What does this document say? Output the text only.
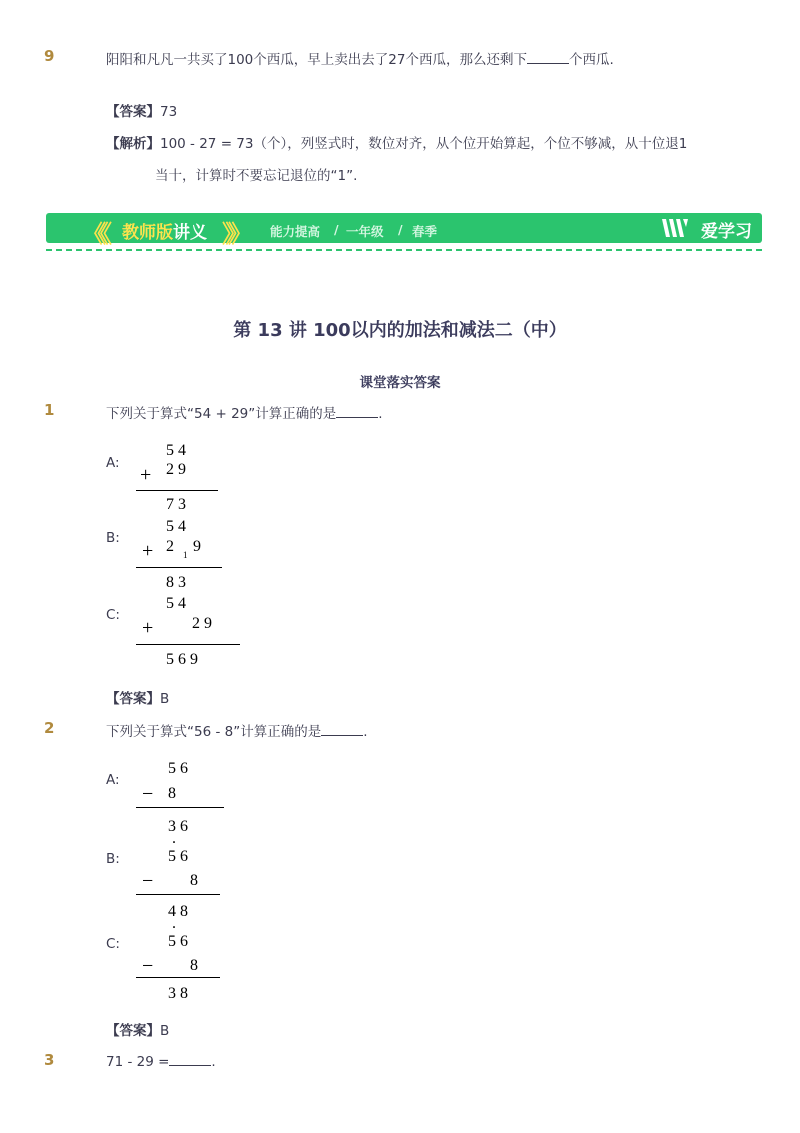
9	阳阳和凡凡一共买了100个西瓜，早上卖出去了27个西瓜，那么还剩下	个西瓜.
【答案】73
【解析】100 - 27 = 73（个），列竖式时，数位对齐，从个位开始算起，个位不够减，从十位退1
当十，计算时不要忘记退位的“1”.
《《 教师版讲义 》》 能力提高 / 一年级 / 春季	爱学习
第 13 讲 100以内的加法和减法二（中）
课堂落实答案
1	下列关于算式“54 + 29”计算正确的是	.
A:
5 4
+ 2 9
7 3
B:
5 4
+ 2 1 9
8 3
C:
5 4
+ 2 9
5 6 9
【答案】B
2	下列关于算式“56 - 8”计算正确的是	.
A:
5 6
− 8
B:
3 6
.
5 6
− 8
C:
4 8
.
5 6
− 8
3 8
【答案】B
3	71 - 29 =	.
